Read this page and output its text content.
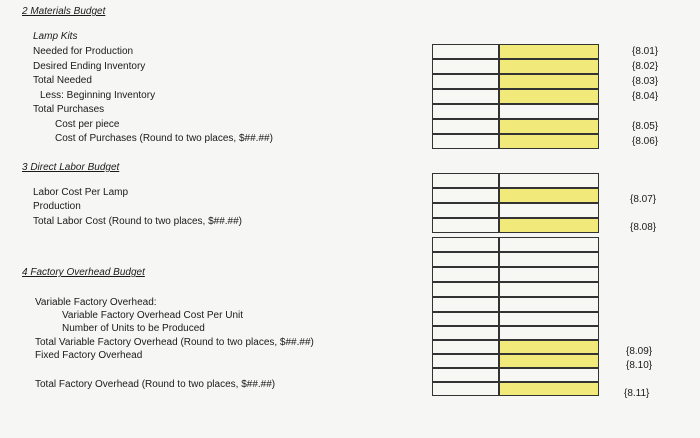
2 Materials Budget
Lamp Kits
Needed for Production
Desired Ending Inventory
Total Needed
Less: Beginning Inventory
Total Purchases
Cost per piece
Cost of Purchases (Round to two places, $##.##)
{8.01}
{8.02}
{8.03}
{8.04}
{8.05}
{8.06}
3 Direct Labor Budget
Labor Cost Per Lamp
Production
Total Labor Cost (Round to two places, $##.##)
{8.07}
{8.08}
4 Factory Overhead Budget
Variable Factory Overhead:
Variable Factory Overhead Cost Per Unit
Number of Units to be Produced
Total Variable Factory Overhead (Round to two places, $##.##)
Fixed Factory Overhead
Total Factory Overhead (Round to two places, $##.##)
{8.09}
{8.10}
{8.11}
